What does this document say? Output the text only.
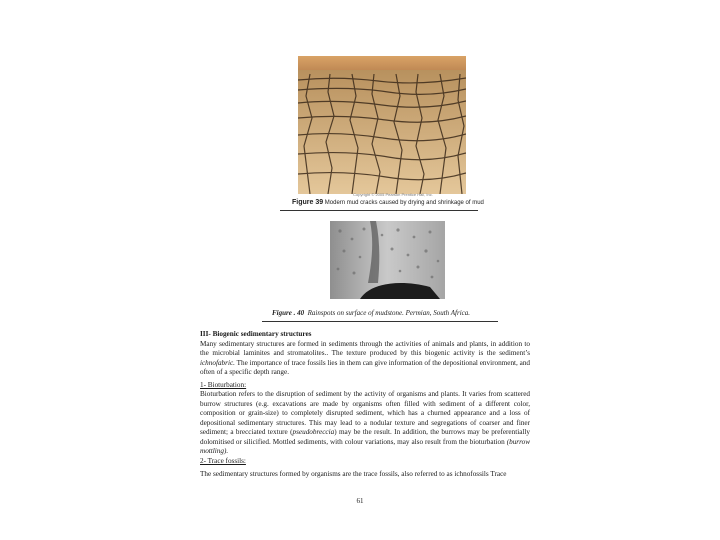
Copyright © 2005 Pearson Prentice Hall, Inc.
Figure 39 Modern mud cracks caused by drying and shrinkage of mud
Figure . 40 Rainspots on surface of mudstone. Permian, South Africa.

III- Biogenic sedimentary structures

Many sedimentary structures are formed in sediments through the activities of animals and plants, in addition to the microbial laminites and stromatolites.. The texture produced by this biogenic activity is the sediment’s ichnofabric. The importance of trace fossils lies in them can give information of the depositional environment, and often of a specific depth range.

1- Bioturbation:

Bioturbation refers to the disruption of sediment by the activity of organisms and plants. It varies from scattered burrow structures (e.g. excavations are made by organisms often filled with sediment of a different color, composition or grain-size) to completely disrupted sediment, which has a churned appearance and a loss of depositional sedimentary structures. This may lead to a nodular texture and segregations of coarser and finer sediment; a brecciated texture (pseudobreccia) may be the result. In addition, the burrows may be preferentially dolomitised or silicified. Mottled sediments, with colour variations, may also result from the bioturbation (burrow mottling).

2- Trace fossils:

The sedimentary structures formed by organisms are the trace fossils, also referred to as ichnofossils Trace

61
